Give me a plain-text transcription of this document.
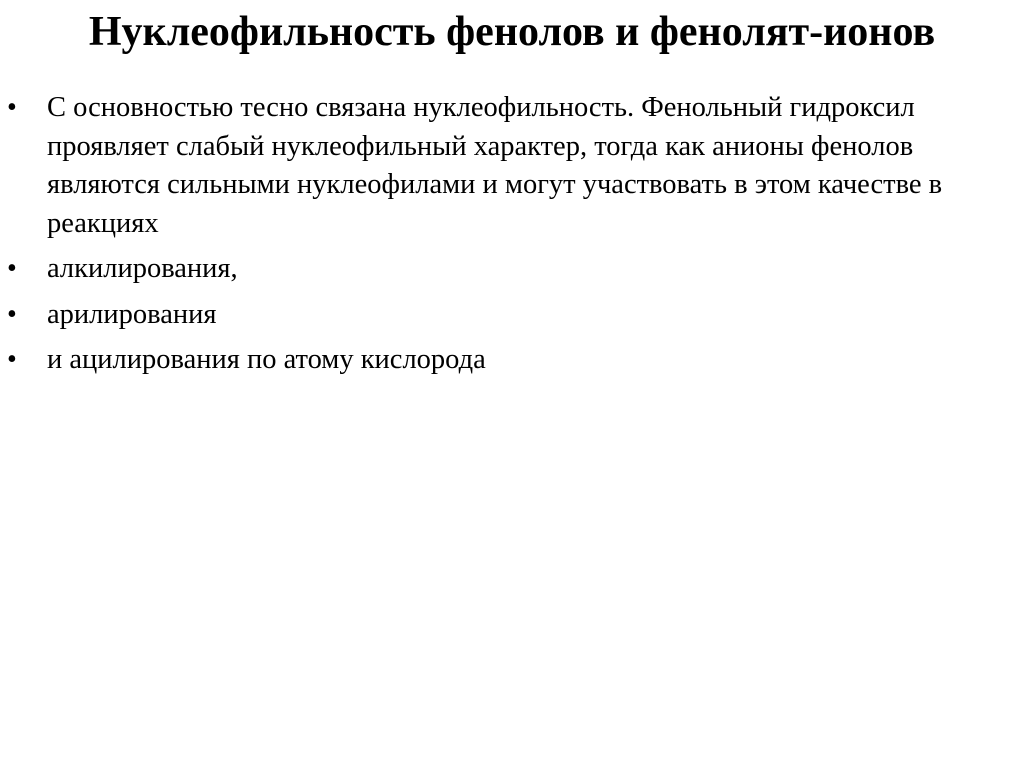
Нуклеофильность фенолов и фенолят-ионов
• С основностью тесно связана нуклеофильность. Фенольный гидроксил проявляет слабый нуклеофильный характер, тогда как анионы фенолов являются сильными нуклеофилами и могут участвовать в этом качестве в реакциях
• алкилирования,
• арилирования
• и ацилирования по атому кислорода
